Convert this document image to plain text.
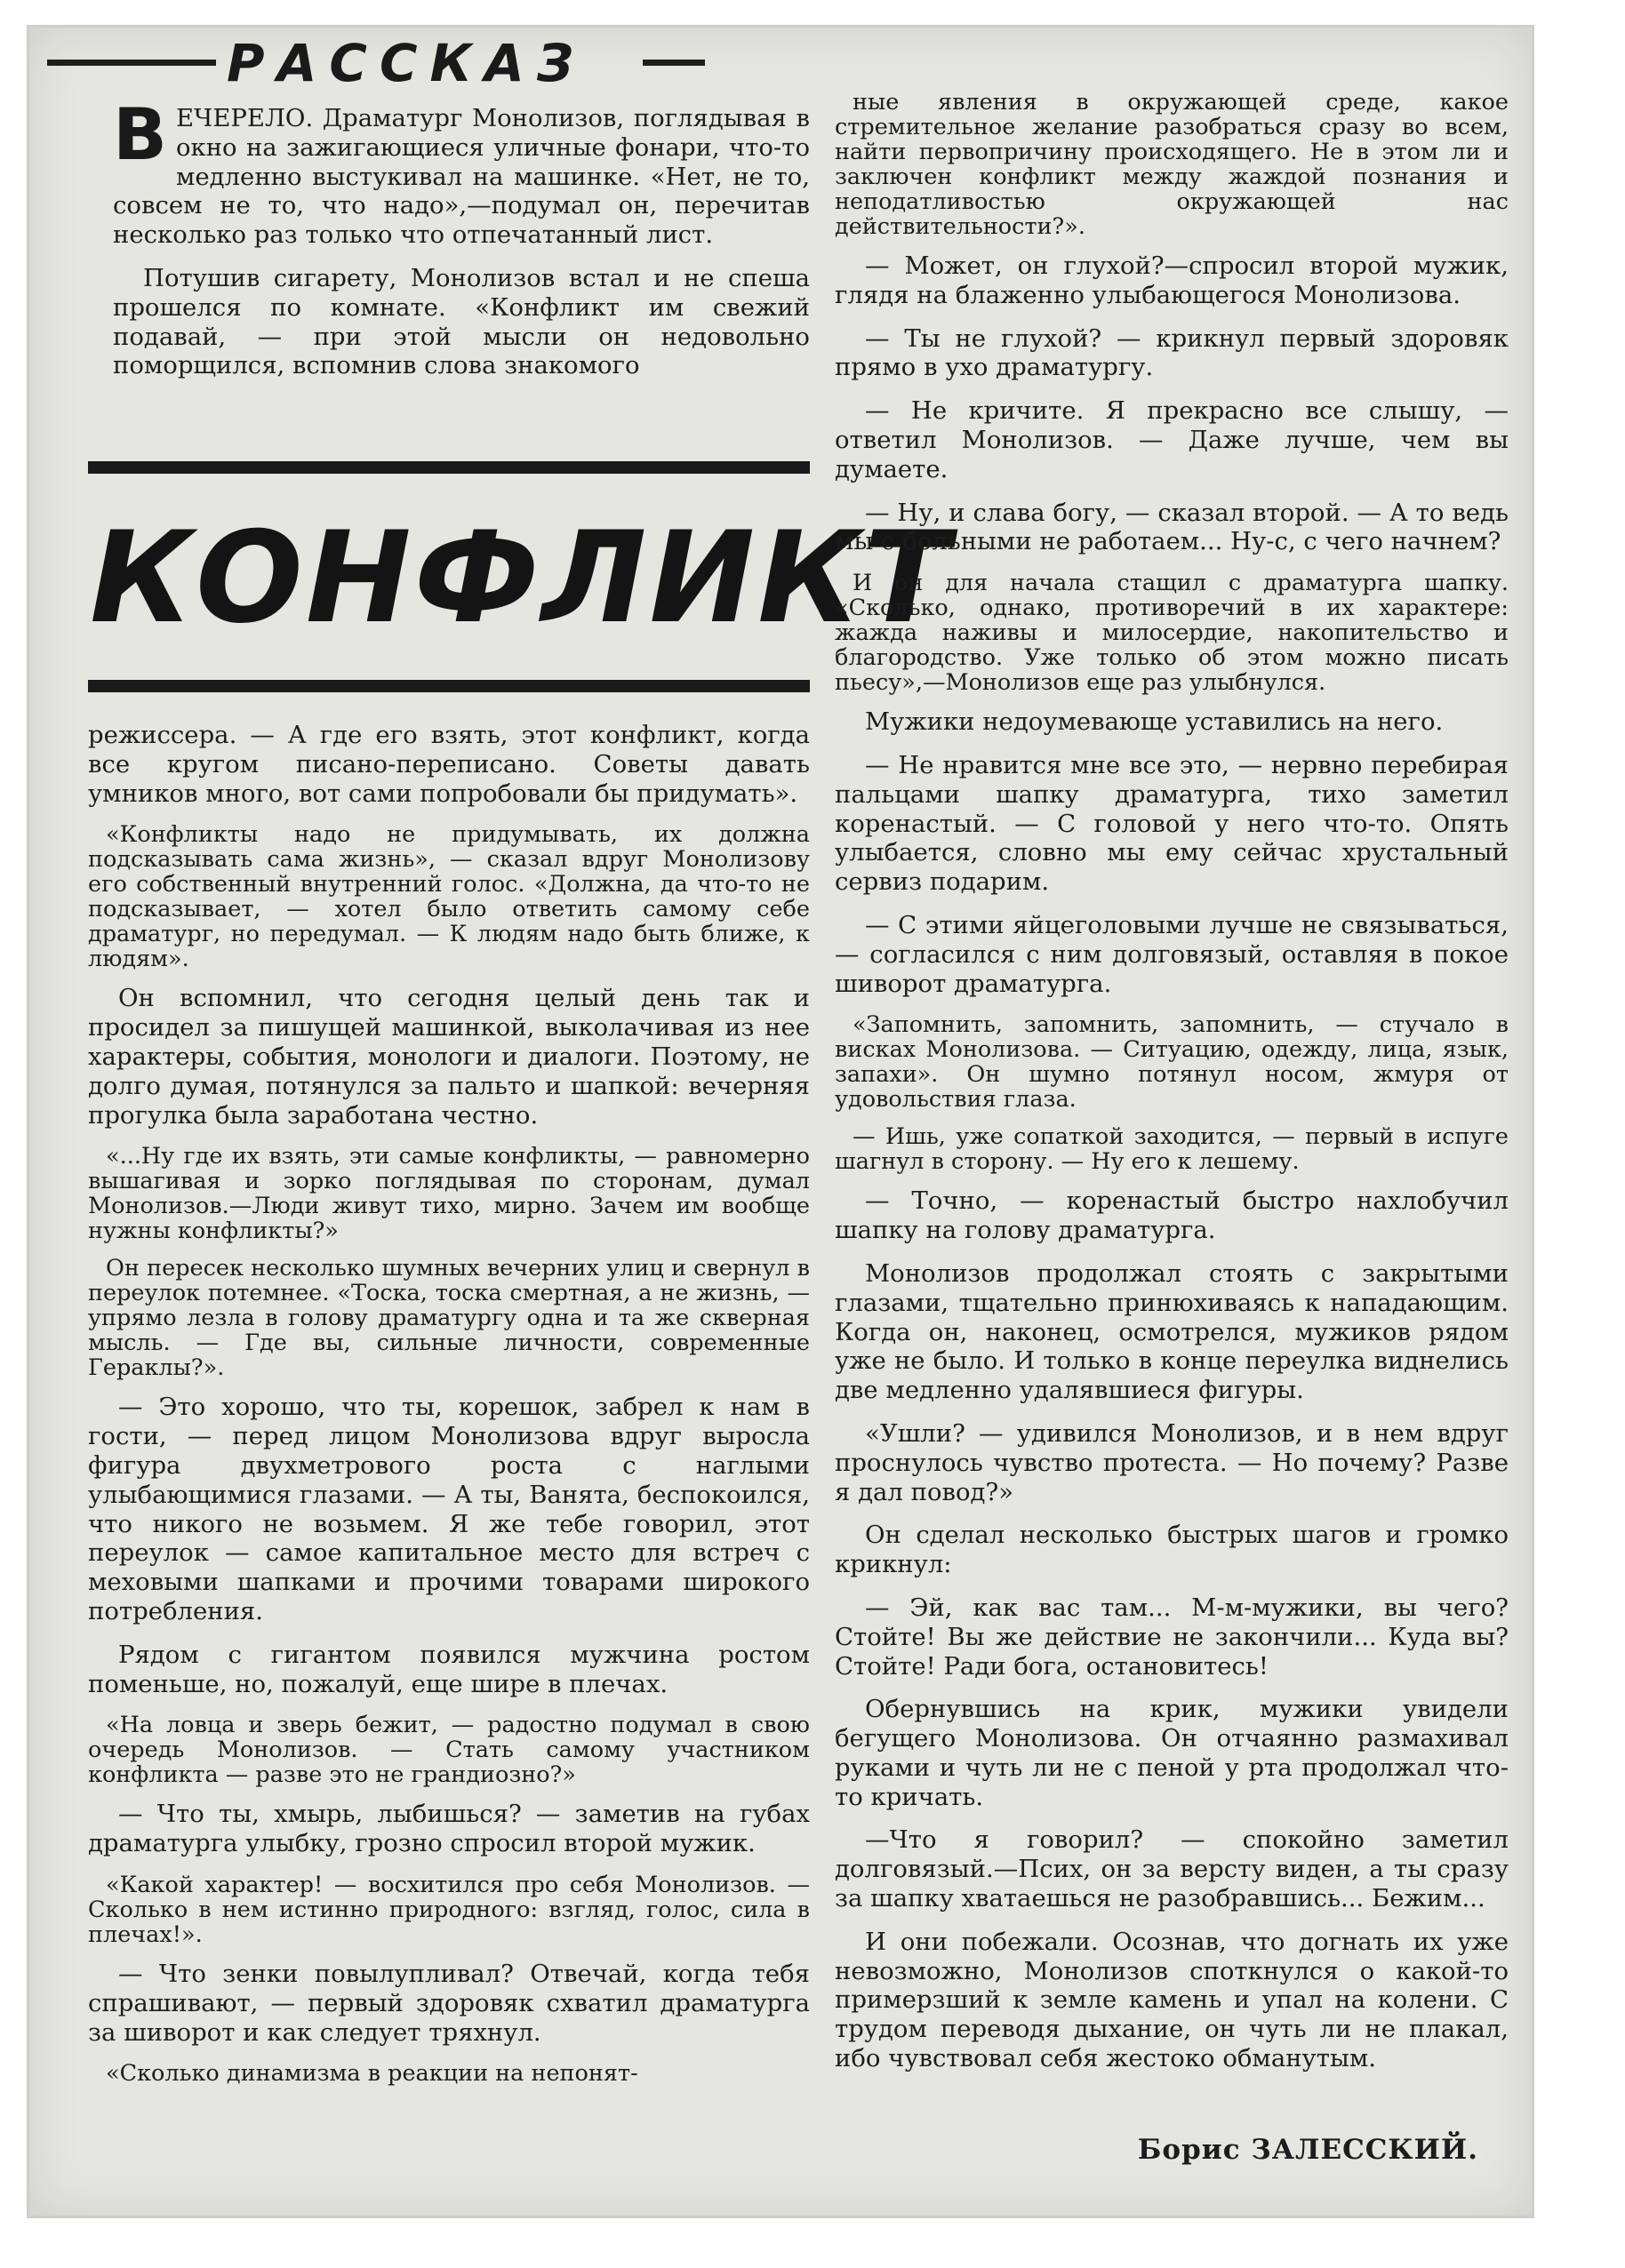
РАССКАЗ

ВЕЧЕРЕЛО. Драматург Монолизов, поглядывая в окно на зажигающиеся уличные фонари, что-то медленно выстукивал на машинке. «Нет, не то, совсем не то, что надо»,—подумал он, перечитав несколько раз только что отпечатанный лист.

Потушив сигарету, Монолизов встал и не спеша прошелся по комнате. «Конфликт им свежий подавай, — при этой мысли он недовольно поморщился, вспомнив слова знакомого

КОНФЛИКТ

режиссера. — А где его взять, этот конфликт, когда все кругом писано-переписано. Советы давать умников много, вот сами попробовали бы придумать».

«Конфликты надо не придумывать, их должна подсказывать сама жизнь», — сказал вдруг Монолизову его собственный внутренний голос. «Должна, да что-то не подсказывает, — хотел было ответить самому себе драматург, но передумал. — К людям надо быть ближе, к людям».

Он вспомнил, что сегодня целый день так и просидел за пишущей машинкой, выколачивая из нее характеры, события, монологи и диалоги. Поэтому, не долго думая, потянулся за пальто и шапкой: вечерняя прогулка была заработана честно.

«...Ну где их взять, эти самые конфликты, — равномерно вышагивая и зорко поглядывая по сторонам, думал Монолизов.—Люди живут тихо, мирно. Зачем им вообще нужны конфликты?»

Он пересек несколько шумных вечерних улиц и свернул в переулок потемнее. «Тоска, тоска смертная, а не жизнь, — упрямо лезла в голову драматургу одна и та же скверная мысль. — Где вы, сильные личности, современные Гераклы?».

— Это хорошо, что ты, корешок, забрел к нам в гости, — перед лицом Монолизова вдруг выросла фигура двухметрового роста с наглыми улыбающимися глазами. — А ты, Ванята, беспокоился, что никого не возьмем. Я же тебе говорил, этот переулок — самое капитальное место для встреч с меховыми шапками и прочими товарами широкого потребления.

Рядом с гигантом появился мужчина ростом поменьше, но, пожалуй, еще шире в плечах.

«На ловца и зверь бежит, — радостно подумал в свою очередь Монолизов. — Стать самому участником конфликта — разве это не грандиозно?»

— Что ты, хмырь, лыбишься? — заметив на губах драматурга улыбку, грозно спросил второй мужик.

«Какой характер! — восхитился про себя Монолизов. — Сколько в нем истинно природного: взгляд, голос, сила в плечах!».

— Что зенки повылупливал? Отвечай, когда тебя спрашивают, — первый здоровяк схватил драматурга за шиворот и как следует тряхнул.

«Сколько динамизма в реакции на непонят-

ные явления в окружающей среде, какое стремительное желание разобраться сразу во всем, найти первопричину происходящего. Не в этом ли и заключен конфликт между жаждой познания и неподатливостью окружающей нас действительности?».

— Может, он глухой?—спросил второй мужик, глядя на блаженно улыбающегося Монолизова.

— Ты не глухой? — крикнул первый здоровяк прямо в ухо драматургу.

— Не кричите. Я прекрасно все слышу, — ответил Монолизов. — Даже лучше, чем вы думаете.

— Ну, и слава богу, — сказал второй. — А то ведь мы с больными не работаем... Ну-с, с чего начнем?

И он для начала стащил с драматурга шапку. «Сколько, однако, противоречий в их характере: жажда наживы и милосердие, накопительство и благородство. Уже только об этом можно писать пьесу»,—Монолизов еще раз улыбнулся.

Мужики недоумевающе уставились на него.

— Не нравится мне все это, — нервно перебирая пальцами шапку драматурга, тихо заметил коренастый. — С головой у него что-то. Опять улыбается, словно мы ему сейчас хрустальный сервиз подарим.

— С этими яйцеголовыми лучше не связываться, — согласился с ним долговязый, оставляя в покое шиворот драматурга.

«Запомнить, запомнить, запомнить, — стучало в висках Монолизова. — Ситуацию, одежду, лица, язык, запахи». Он шумно потянул носом, жмуря от удовольствия глаза.

— Ишь, уже сопаткой заходится, — первый в испуге шагнул в сторону. — Ну его к лешему.

— Точно, — коренастый быстро нахлобучил шапку на голову драматурга.

Монолизов продолжал стоять с закрытыми глазами, тщательно принюхиваясь к нападающим. Когда он, наконец, осмотрелся, мужиков рядом уже не было. И только в конце переулка виднелись две медленно удалявшиеся фигуры.

«Ушли? — удивился Монолизов, и в нем вдруг проснулось чувство протеста. — Но почему? Разве я дал повод?»

Он сделал несколько быстрых шагов и громко крикнул:

— Эй, как вас там... М-м-мужики, вы чего? Стойте! Вы же действие не закончили... Куда вы? Стойте! Ради бога, остановитесь!

Обернувшись на крик, мужики увидели бегущего Монолизова. Он отчаянно размахивал руками и чуть ли не с пеной у рта продолжал что-то кричать.

—Что я говорил? — спокойно заметил долговязый.—Псих, он за версту виден, а ты сразу за шапку хватаешься не разобравшись... Бежим...

И они побежали. Осознав, что догнать их уже невозможно, Монолизов споткнулся о какой-то примерзший к земле камень и упал на колени. С трудом переводя дыхание, он чуть ли не плакал, ибо чувствовал себя жестоко обманутым.

Борис ЗАЛЕССКИЙ.
